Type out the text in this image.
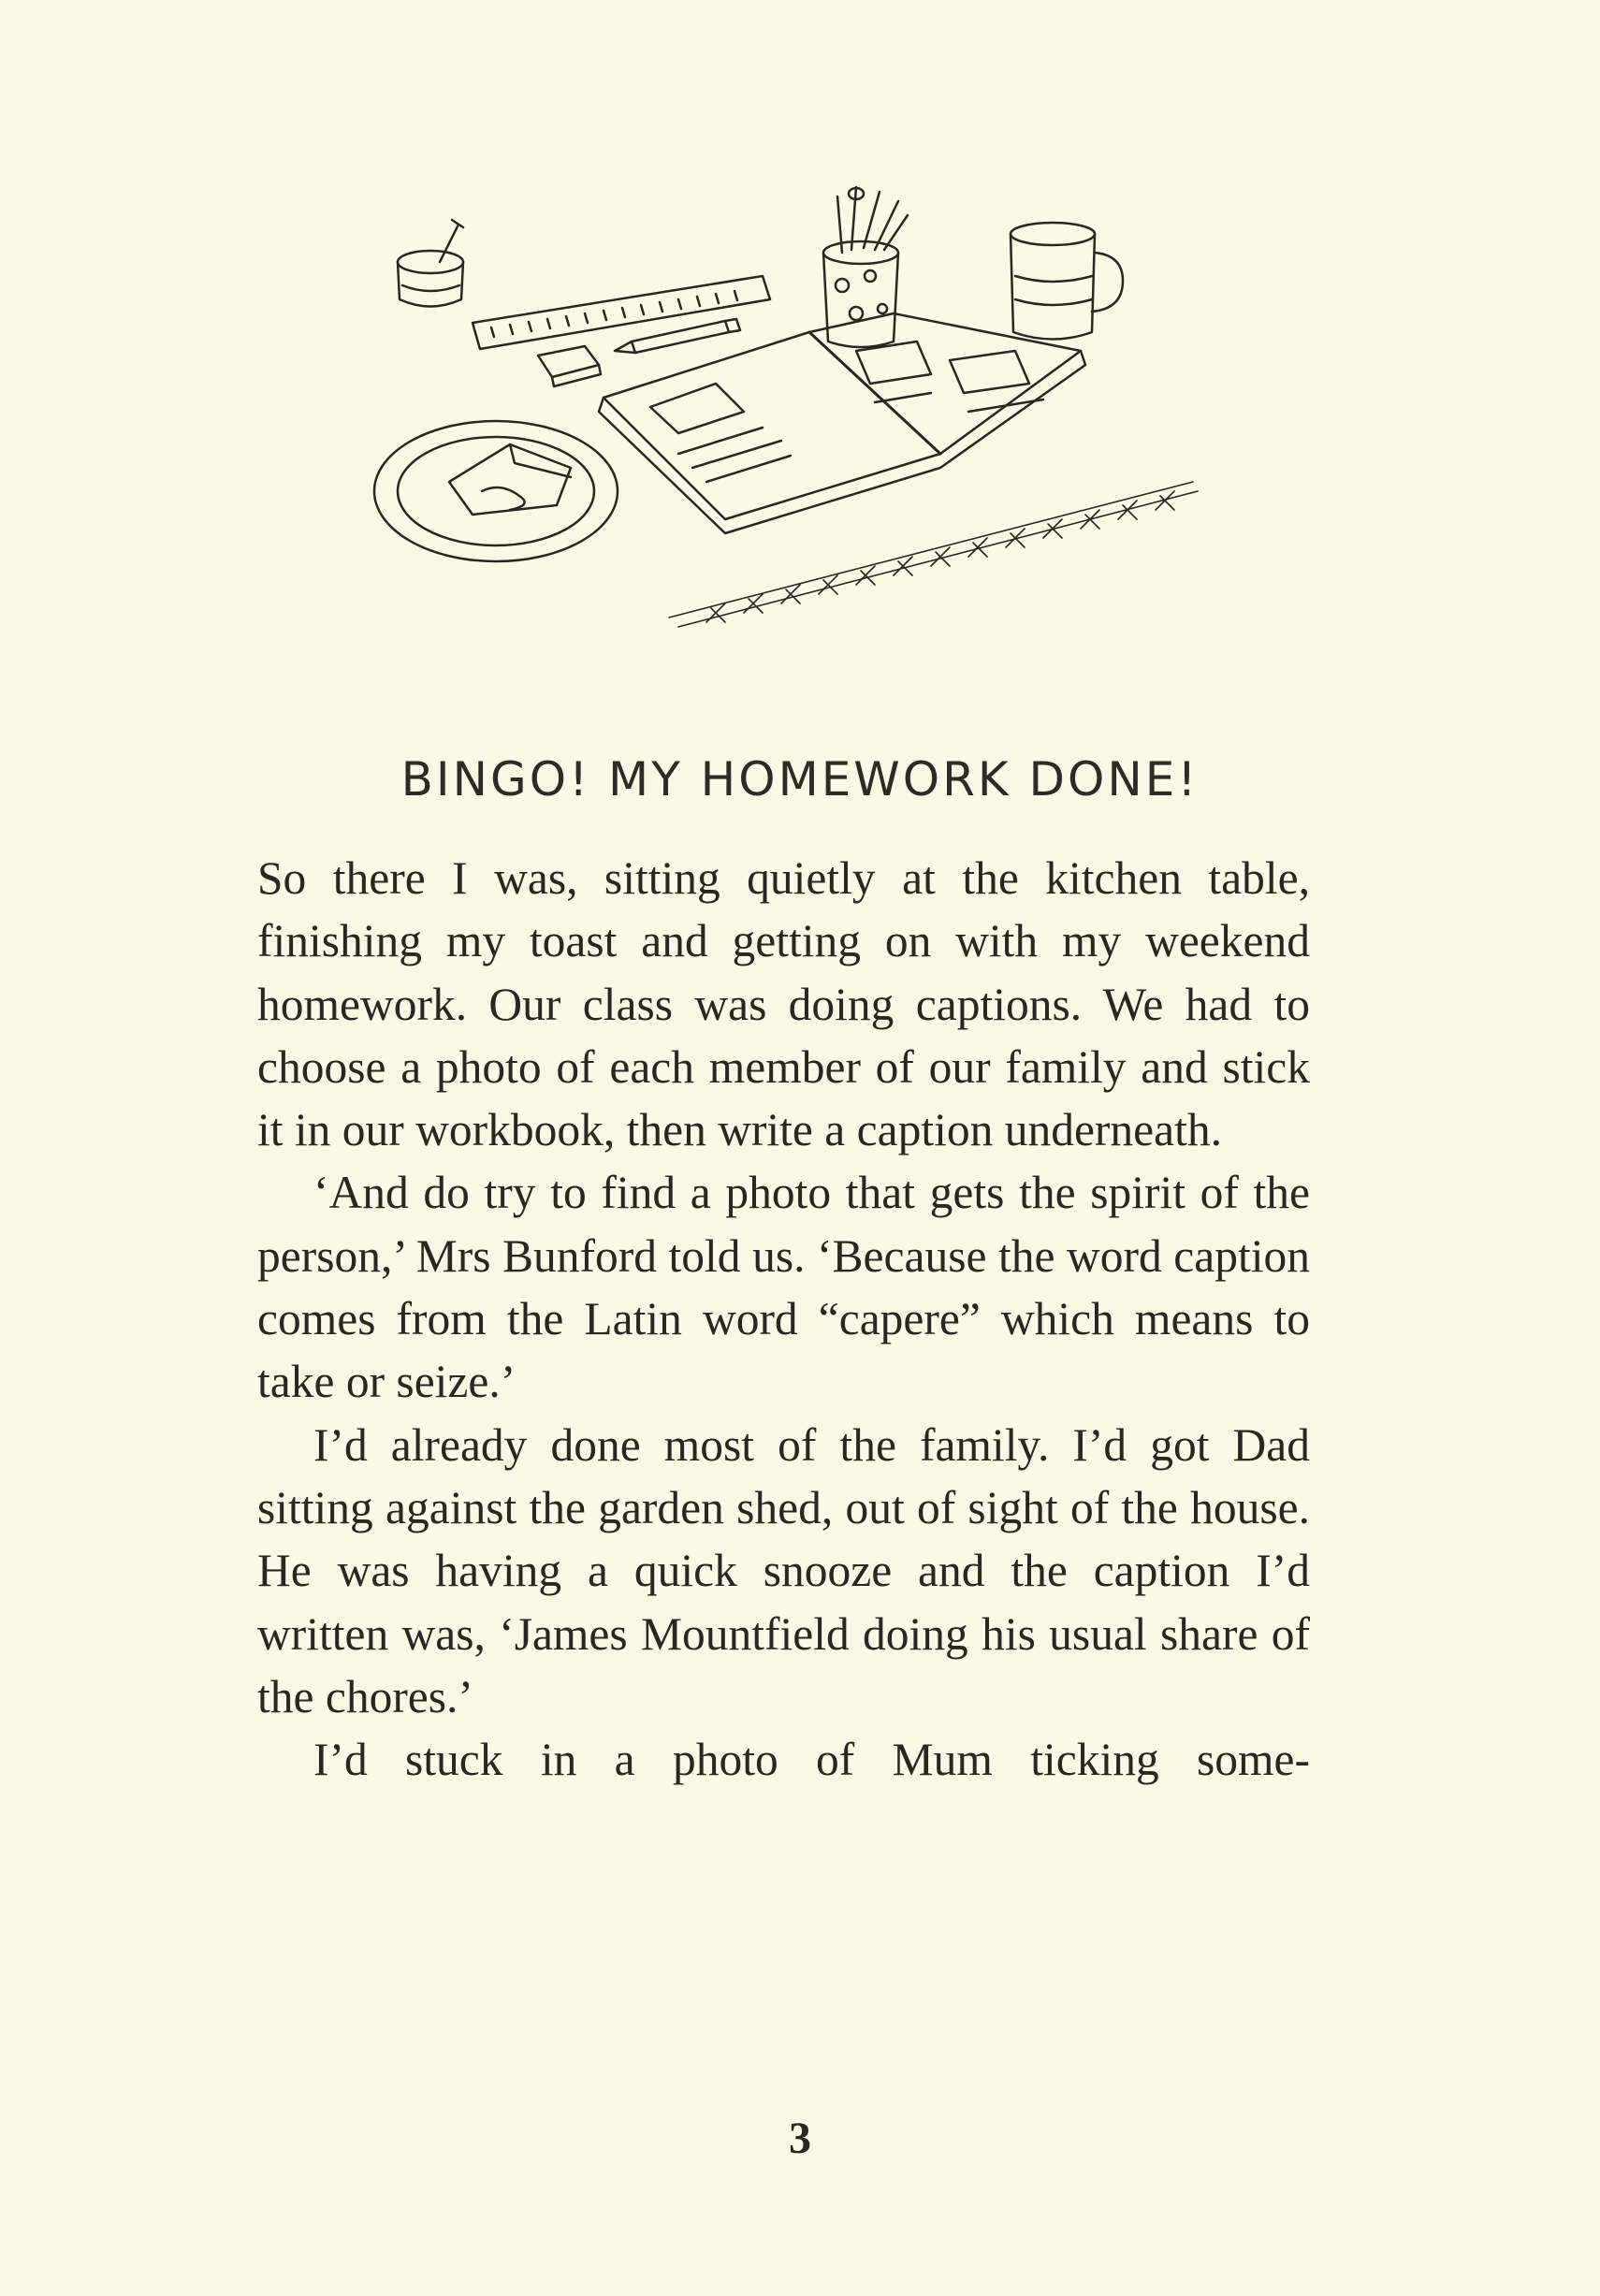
BINGO! MY HOMEWORK DONE!

So there I was, sitting quietly at the kitchen table, finishing my toast and getting on with my weekend homework. Our class was doing captions. We had to choose a photo of each member of our family and stick it in our workbook, then write a caption underneath.

‘And do try to find a photo that gets the spirit of the person,’ Mrs Bunford told us. ‘Because the word caption comes from the Latin word “capere” which means to take or seize.’

I’d already done most of the family. I’d got Dad sitting against the garden shed, out of sight of the house. He was having a quick snooze and the caption I’d written was, ‘James Mountfield doing his usual share of the chores.’

I’d stuck in a photo of Mum ticking some-

3
